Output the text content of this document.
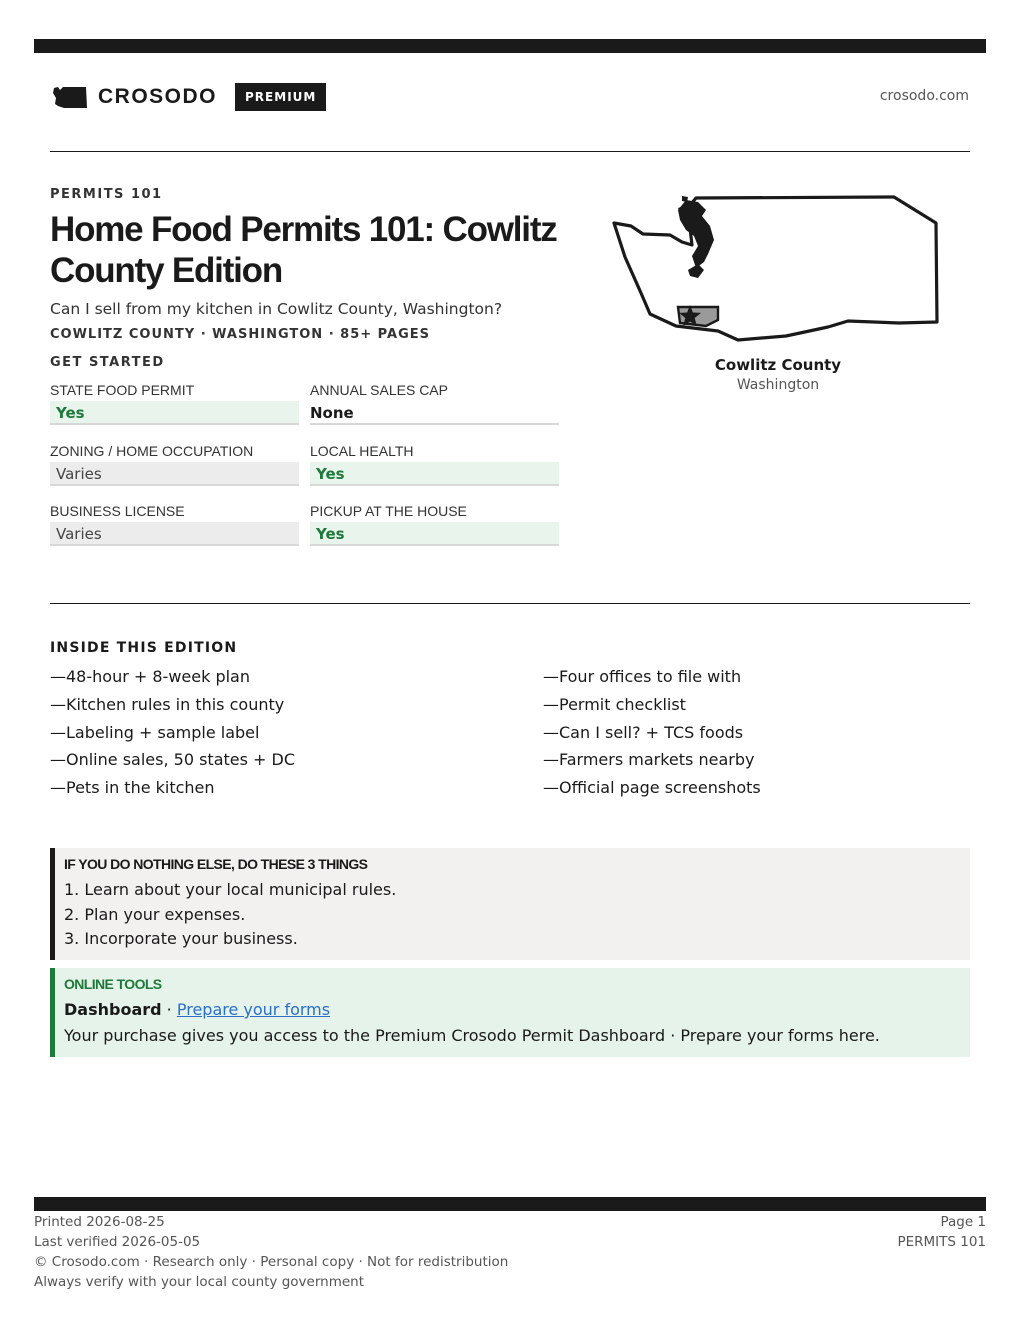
CROSODO	PREMIUM	crosodo.com
PERMITS 101
Home Food Permits 101: Cowlitz County Edition
Can I sell from my kitchen in Cowlitz County, Washington?
COWLITZ COUNTY · WASHINGTON · 85+ PAGES
GET STARTED
STATE FOOD PERMIT
Yes
ANNUAL SALES CAP
None
ZONING / HOME OCCUPATION
Varies
LOCAL HEALTH
Yes
BUSINESS LICENSE
Varies
PICKUP AT THE HOUSE
Yes
Cowlitz County
Washington
INSIDE THIS EDITION
—48-hour + 8-week plan
—Kitchen rules in this county
—Labeling + sample label
—Online sales, 50 states + DC
—Pets in the kitchen
—Four offices to file with
—Permit checklist
—Can I sell? + TCS foods
—Farmers markets nearby
—Official page screenshots
IF YOU DO NOTHING ELSE, DO THESE 3 THINGS
1. Learn about your local municipal rules.
2. Plan your expenses.
3. Incorporate your business.
ONLINE TOOLS
Dashboard · Prepare your forms
Your purchase gives you access to the Premium Crosodo Permit Dashboard · Prepare your forms here.
Printed 2026-08-25
Last verified 2026-05-05
© Crosodo.com · Research only · Personal copy · Not for redistribution
Always verify with your local county government
Page 1
PERMITS 101
